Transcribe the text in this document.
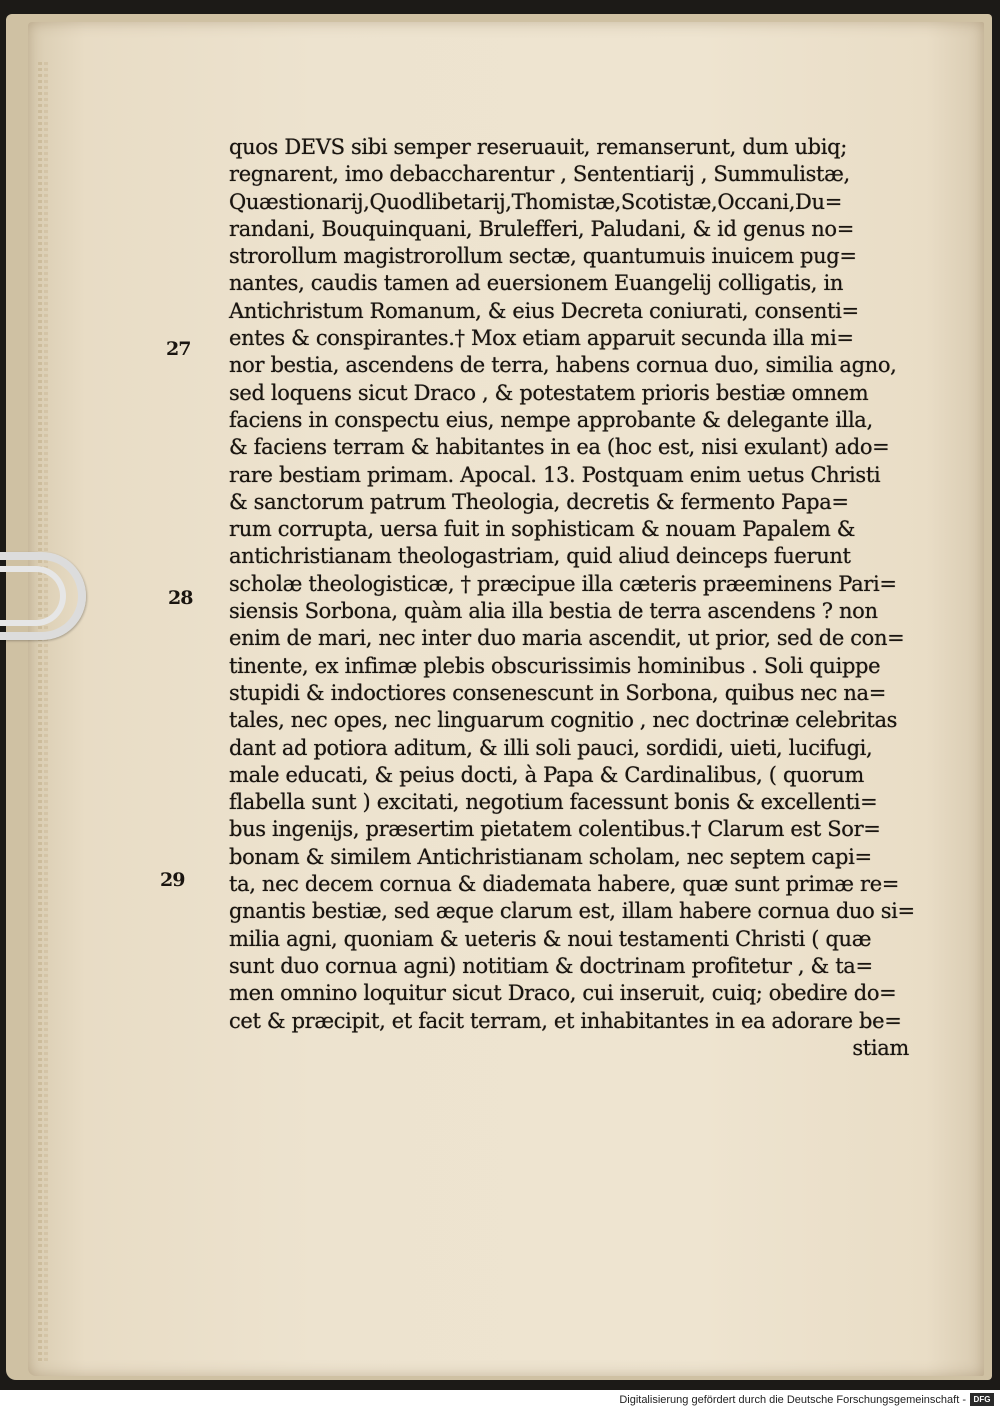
27
28
29
quos DEVS sibi semper reseruauit, remanserunt, dum ubiq;
regnarent, imo debaccharentur , Sententiarij , Summulistæ,
Quæstionarij,Quodlibetarij,Thomistæ,Scotistæ,Occani,Du=
randani, Bouquinquani, Brulefferi, Paludani, & id genus no=
strorollum magistrorollum sectæ, quantumuis inuicem pug=
nantes, caudis tamen ad euersionem Euangelij colligatis, in
Antichristum Romanum, & eius Decreta coniurati, consenti=
entes & conspirantes.† Mox etiam apparuit secunda illa mi=
nor bestia, ascendens de terra, habens cornua duo, similia agno,
sed loquens sicut Draco , & potestatem prioris bestiæ omnem
faciens in conspectu eius, nempe approbante & delegante illa,
& faciens terram & habitantes in ea (hoc est, nisi exulant) ado=
rare bestiam primam. Apocal. 13. Postquam enim uetus Christi
& sanctorum patrum Theologia, decretis & fermento Papa=
rum corrupta, uersa fuit in sophisticam & nouam Papalem &
antichristianam theologastriam, quid aliud deinceps fuerunt
scholæ theologisticæ, † præcipue illa cæteris præeminens Pari=
siensis Sorbona, quàm alia illa bestia de terra ascendens ? non
enim de mari, nec inter duo maria ascendit, ut prior, sed de con=
tinente, ex infimæ plebis obscurissimis hominibus . Soli quippe
stupidi & indoctiores consenescunt in Sorbona, quibus nec na=
tales, nec opes, nec linguarum cognitio , nec doctrinæ celebritas
dant ad potiora aditum, & illi soli pauci, sordidi, uieti, lucifugi,
male educati, & peius docti, à Papa & Cardinalibus, ( quorum
flabella sunt ) excitati, negotium facessunt bonis & excellenti=
bus ingenijs, præsertim pietatem colentibus.† Clarum est Sor=
bonam & similem Antichristianam scholam, nec septem capi=
ta, nec decem cornua & diademata habere, quæ sunt primæ re=
gnantis bestiæ, sed æque clarum est, illam habere cornua duo si=
milia agni, quoniam & ueteris & noui testamenti Christi ( quæ
sunt duo cornua agni) notitiam & doctrinam profitetur , & ta=
men omnino loquitur sicut Draco, cui inseruit, cuiq; obedire do=
cet & præcipit, et facit terram, et inhabitantes in ea adorare be=
stiam
Digitalisierung gefördert durch die Deutsche Forschungsgemeinschaft - DFG
